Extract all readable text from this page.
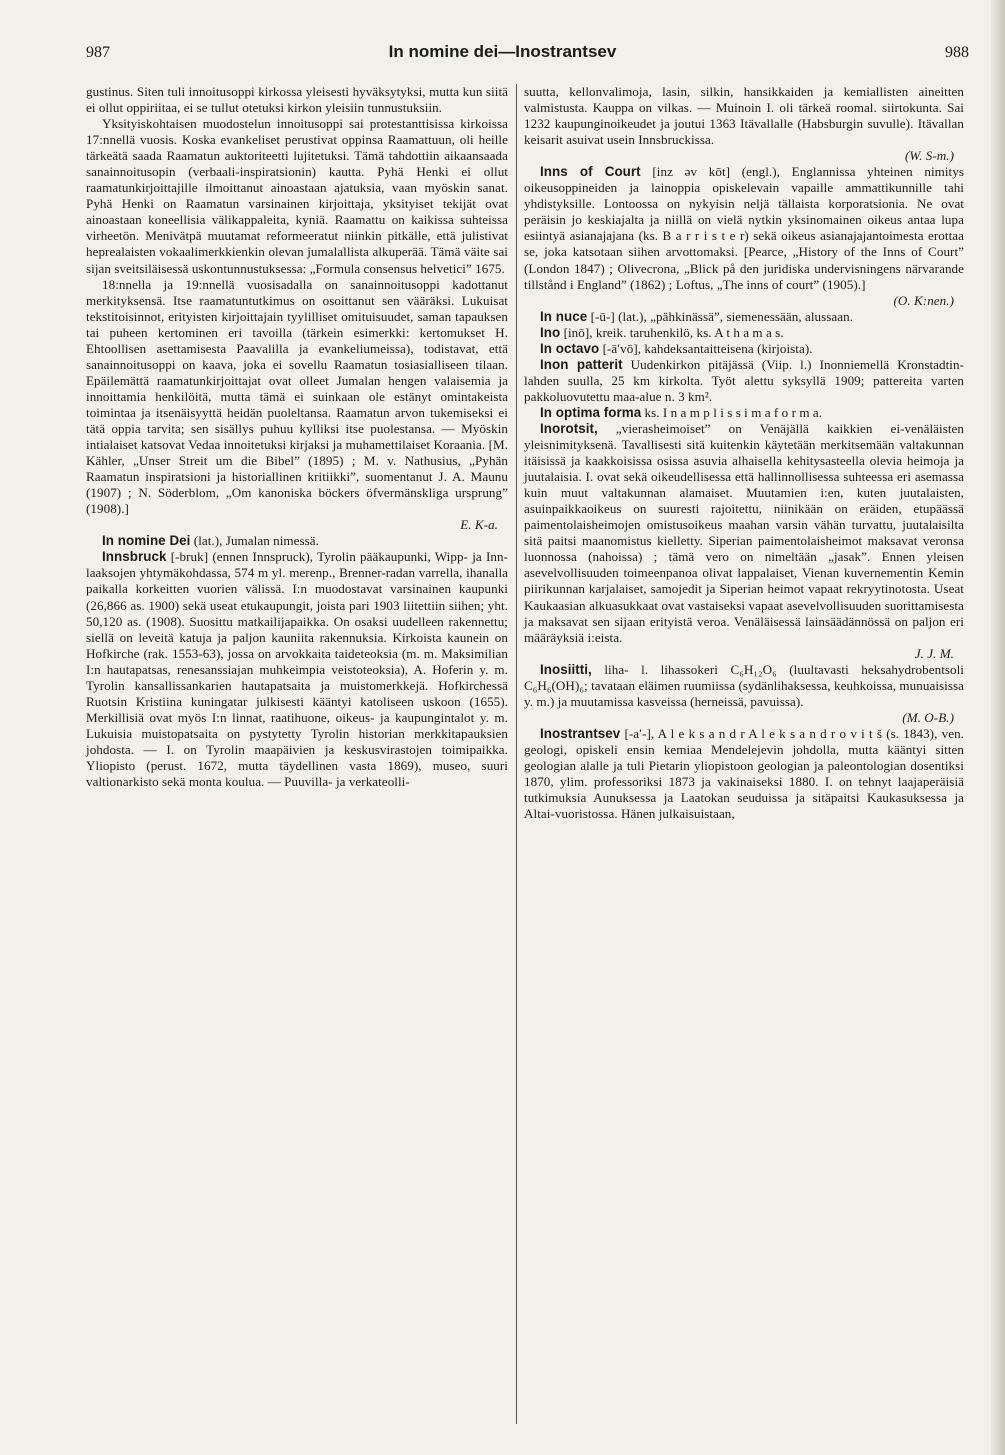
987	In nomine dei—Inostrantsev	988

gustinus. Siten tuli innoitusoppi kirkossa yleisesti hyväksytyksi, mutta kun siitä ei ollut oppiriitaa, ei se tullut otetuksi kirkon yleisiin tunnustuksiin.

Yksityiskohtaisen muodostelun innoitusoppi sai protestanttisissa kirkoissa 17:nnellä vuosis. Koska evankeliset perustivat oppinsa Raamattuun, oli heille tärkeätä saada Raamatun auktoriteetti lujitetuksi. Tämä tahdottiin aikaansaada sanainnoitusopin (verbaali-inspiratsionin) kautta. Pyhä Henki ei ollut raamatunkirjoittajille ilmoittanut ainoastaan ajatuksia, vaan myöskin sanat. Pyhä Henki on Raamatun varsinainen kirjoittaja, yksityiset tekijät ovat ainoastaan koneellisia välikappaleita, kyniä. Raamattu on kaikissa suhteissa virheetön. Menivätpä muutamat reformeeratut niinkin pitkälle, että julistivat heprealaisten vokaalimerkkienkin olevan jumalallista alkuperää. Tämä väite sai sijan sveitsiläisessä uskontunnustuksessa: „Formula consensus helvetici” 1675.

18:nnella ja 19:nnellä vuosisadalla on sanainnoitusoppi kadottanut merkityksensä. Itse raamatuntutkimus on osoittanut sen vääräksi. Lukuisat tekstitoisinnot, erityisten kirjoittajain tyylilliset omituisuudet, saman tapauksen tai puheen kertominen eri tavoilla (tärkein esimerkki: kertomukset H. Ehtoollisen asettamisesta Paavalilla ja evankeliumeissa), todistavat, että sanainnoitusoppi on kaava, joka ei sovellu Raamatun tosiasialliseen tilaan. Epäilemättä raamatunkirjoittajat ovat olleet Jumalan hengen valaisemia ja innoittamia henkilöitä, mutta tämä ei suinkaan ole estänyt omintakeista toimintaa ja itsenäisyyttä heidän puoleltansa. Raamatun arvon tukemiseksi ei tätä oppia tarvita; sen sisällys puhuu kylliksi itse puolestansa. — Myöskin intialaiset katsovat Vedaa innoitetuksi kirjaksi ja muhamettilaiset Koraania. [M. Kähler, „Unser Streit um die Bibel” (1895) ; M. v. Nathusius, „Pyhän Raamatun inspiratsioni ja historiallinen kritiikki”, suomentanut J. A. Maunu (1907) ; N. Söderblom, „Om kanoniska böckers öfvermänskliga ursprung” (1908).]

E. K-a.

In nomine Dei (lat.), Jumalan nimessä.

Innsbruck [-bruk] (ennen Innspruck), Tyrolin pääkaupunki, Wipp- ja Inn-laaksojen yhtymäkohdassa, 574 m yl. merenp., Brenner-radan varrella, ihanalla paikalla korkeitten vuorien välissä. I:n muodostavat varsinainen kaupunki (26,866 as. 1900) sekä useat etukaupungit, joista pari 1903 liitettiin siihen; yht. 50,120 as. (1908). Suosittu matkailijapaikka. On osaksi uudelleen rakennettu; siellä on leveitä katuja ja paljon kauniita rakennuksia. Kirkoista kaunein on Hofkirche (rak. 1553-63), jossa on arvokkaita taideteoksia (m. m. Maksimilian I:n hautapatsas, renesanssiajan muhkeimpia veistoteoksia), A. Hoferin y. m. Tyrolin kansallissankarien hautapatsaita ja muistomerkkejä. Hofkirchessä Ruotsin Kristiina kuningatar julkisesti kääntyi katoliseen uskoon (1655). Merkillisiä ovat myös I:n linnat, raatihuone, oikeus- ja kaupungintalot y. m. Lukuisia muistopatsaita on pystytetty Tyrolin historian merkkitapauksien johdosta. — I. on Tyrolin maapäivien ja keskusvirastojen toimipaikka. Yliopisto (perust. 1672, mutta täydellinen vasta 1869), museo, suuri valtionarkisto sekä monta koulua. — Puuvilla- ja verkateolli-

suutta, kellonvalimoja, lasin, silkin, hansikkaiden ja kemiallisten aineitten valmistusta. Kauppa on vilkas. — Muinoin I. oli tärkeä roomal. siirtokunta. Sai 1232 kaupunginoikeudet ja joutui 1363 Itävallalle (Habsburgin suvulle). Itävallan keisarit asuivat usein Innsbruckissa.

(W. S-m.)

Inns of Court [inz əv kōt] (engl.), Englannissa yhteinen nimitys oikeusoppineiden ja lainoppia opiskelevain vapaille ammattikunnille tahi yhdistyksille. Lontoossa on nykyisin neljä tällaista korporatsionia. Ne ovat peräisin jo keskiajalta ja niillä on vielä nytkin yksinomainen oikeus antaa lupa esiintyä asianajajana (ks. B a r r i s t e r) sekä oikeus asianajajantoimesta erottaa se, joka katsotaan siihen arvottomaksi. [Pearce, „History of the Inns of Court” (London 1847) ; Olivecrona, „Blick på den juridiska undervisningens närvarande tillstånd i England” (1862) ; Loftus, „The inns of court” (1905).]

(O. K:nen.)

In nuce [-ū-] (lat.), „pähkinässä”, siemenessään, alussaan.

Ino [inō], kreik. taruhenkilö, ks. A t h a m a s.

In octavo [-ā′vō], kahdeksantaitteisena (kirjoista).

Inon patterit Uudenkirkon pitäjässä (Viip. l.) Inonniemellä Kronstadtin-lahden suulla, 25 km kirkolta. Työt alettu syksyllä 1909; pattereita varten pakkoluovutettu maa-alue n. 3 km².

In optima forma ks. I n a m p l i s s i m a f o r m a.

Inorotsit, „vierasheimoiset” on Venäjällä kaikkien ei-venäläisten yleisnimityksenä. Tavallisesti sitä kuitenkin käytetään merkitsemään valtakunnan itäisissä ja kaakkoisissa osissa asuvia alhaisella kehitysasteella olevia heimoja ja juutalaisia. I. ovat sekä oikeudellisessa että hallinnollisessa suhteessa eri asemassa kuin muut valtakunnan alamaiset. Muutamien i:en, kuten juutalaisten, asuinpaikkaoikeus on suuresti rajoitettu, niinikään on eräiden, etupäässä paimentolaisheimojen omistusoikeus maahan varsin vähän turvattu, juutalaisilta sitä paitsi maanomistus kielletty. Siperian paimentolaisheimot maksavat veronsa luonnossa (nahoissa) ; tämä vero on nimeltään „jasak”. Ennen yleisen asevelvollisuuden toimeenpanoa olivat lappalaiset, Vienan kuvernementin Kemin piirikunnan karjalaiset, samojedit ja Siperian heimot vapaat rekryytinotosta. Useat Kaukaasian alkuasukkaat ovat vastaiseksi vapaat asevelvollisuuden suorittamisesta ja maksavat sen sijaan erityistä veroa. Venäläisessä lainsäädännössä on paljon eri määräyksiä i:eista.

J. J. M.

Inosiitti, liha- l. lihassokeri C₆H₁₂O₆ (luultavasti heksahydrobentsoli C₆H₆(OH)₆; tavataan eläimen ruumiissa (sydänlihaksessa, keuhkoissa, munuaisissa y. m.) ja muutamissa kasveissa (herneissä, pavuissa).

(M. O-B.)

Inostrantsev [-a′-], A l e k s a n d r A l e k s a n d r o v i t š (s. 1843), ven. geologi, opiskeli ensin kemiaa Mendelejevin johdolla, mutta kääntyi sitten geologian alalle ja tuli Pietarin yliopistoon geologian ja paleontologian dosentiksi 1870, ylim. professoriksi 1873 ja vakinaiseksi 1880. I. on tehnyt laajaperäisiä tutkimuksia Aunuksessa ja Laatokan seuduissa ja sitäpaitsi Kaukasuksessa ja Altai-vuoristossa. Hänen julkaisuistaan,
